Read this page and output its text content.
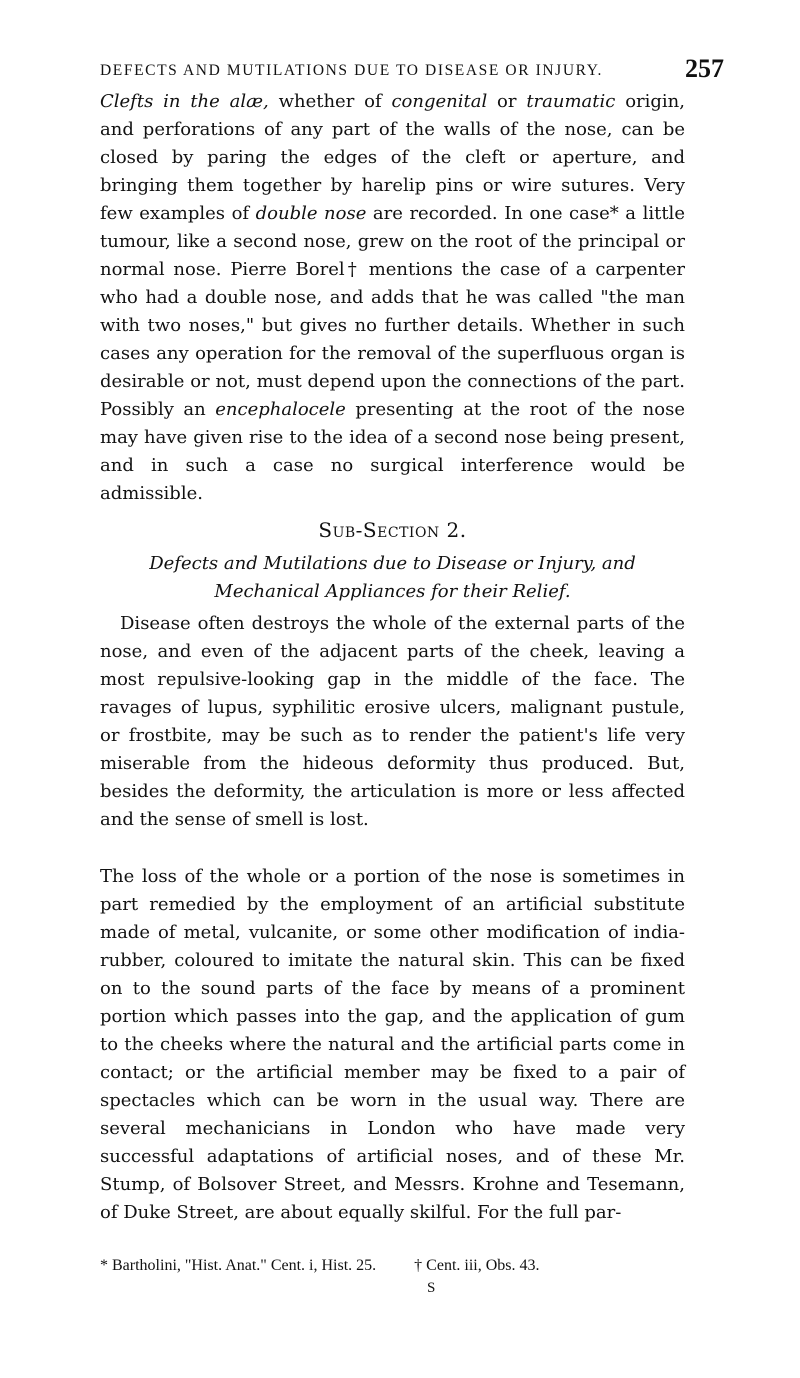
DEFECTS AND MUTILATIONS DUE TO DISEASE OR INJURY.	257

Clefts in the alæ, whether of congenital or traumatic origin, and perforations of any part of the walls of the nose, can be closed by paring the edges of the cleft or aperture, and bringing them together by harelip pins or wire sutures. Very few examples of double nose are recorded. In one case* a little tumour, like a second nose, grew on the root of the principal or normal nose. Pierre Borel† mentions the case of a carpenter who had a double nose, and adds that he was called "the man with two noses," but gives no further details. Whether in such cases any operation for the removal of the superfluous organ is desirable or not, must depend upon the connections of the part. Possibly an encephalocele presenting at the root of the nose may have given rise to the idea of a second nose being present, and in such a case no surgical interference would be admissible.

Sub-Section 2.

Defects and Mutilations due to Disease or Injury, and Mechanical Appliances for their Relief.

Disease often destroys the whole of the external parts of the nose, and even of the adjacent parts of the cheek, leaving a most repulsive-looking gap in the middle of the face. The ravages of lupus, syphilitic erosive ulcers, malignant pustule, or frostbite, may be such as to render the patient's life very miserable from the hideous deformity thus produced. But, besides the deformity, the articulation is more or less affected and the sense of smell is lost.

The loss of the whole or a portion of the nose is sometimes in part remedied by the employment of an artificial substitute made of metal, vulcanite, or some other modification of india-rubber, coloured to imitate the natural skin. This can be fixed on to the sound parts of the face by means of a prominent portion which passes into the gap, and the application of gum to the cheeks where the natural and the artificial parts come in contact; or the artificial member may be fixed to a pair of spectacles which can be worn in the usual way. There are several mechanicians in London who have made very successful adaptations of artificial noses, and of these Mr. Stump, of Bolsover Street, and Messrs. Krohne and Tesemann, of Duke Street, are about equally skilful. For the full par-

* Bartholini, "Hist. Anat." Cent. i, Hist. 25. † Cent. iii, Obs. 43.
S
